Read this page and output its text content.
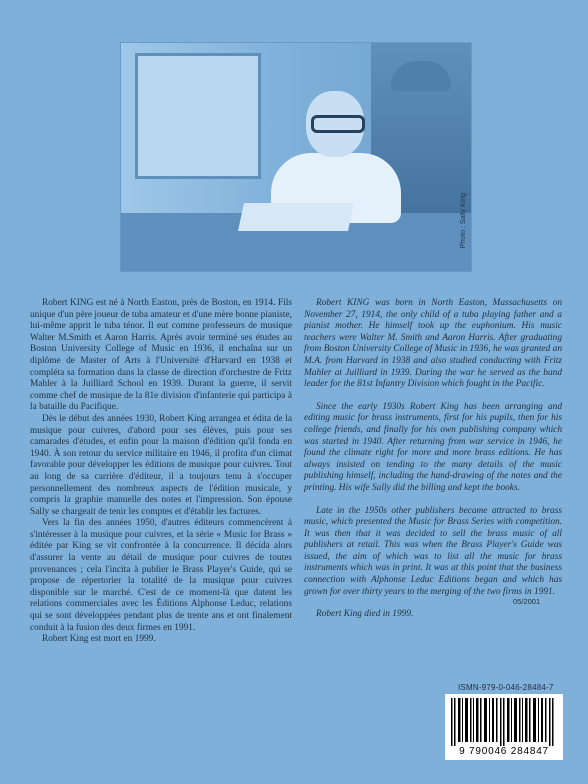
Photo : Sally King

Robert KING est né à North Easton, près de Boston, en 1914. Fils unique d'un père joueur de tuba amateur et d'une mère bonne pianiste, lui-même apprit le tuba ténor. Il eut comme professeurs de musique Walter M.Smith et Aaron Harris. Après avoir terminé ses études au Boston University College of Music en 1936, il enchaîna sur un diplôme de Master of Arts à l'Université d'Harvard en 1938 et compléta sa formation dans la classe de direction d'orchestre de Fritz Mahler à la Juilliard School en 1939. Durant la guerre, il servit comme chef de musique de la 81e division d'infanterie qui participa à la bataille du Pacifique.

Dès le début des années 1930, Robert King arrangea et édita de la musique pour cuivres, d'abord pour ses élèves, puis pour ses camarades d'études, et enfin pour la maison d'édition qu'il fonda en 1940. À son retour du service militaire en 1946, il profita d'un climat favorable pour développer les éditions de musique pour cuivres. Tout au long de sa carrière d'éditeur, il a toujours tenu à s'occuper personnellement des nombreux aspects de l'édition musicale, y compris la graphie manuelle des notes et l'impression. Son épouse Sally se chargeait de tenir les comptes et d'établir les factures.

Vers la fin des années 1950, d'autres éditeurs commencèrent à s'intéresser à la musique pour cuivres, et la série « Music for Brass » éditée par King se vit confrontée à la concurrence. Il décida alors d'assurer la vente au détail de musique pour cuivres de toutes provenances ; cela l'incita à publier le Brass Player's Guide, qui se propose de répertorier la totalité de la musique pour cuivres disponible sur le marché. C'est de ce moment-là que datent les relations commerciales avec les Éditions Alphonse Leduc, relations qui se sont développées pendant plus de trente ans et ont finalement conduit à la fusion des deux firmes en 1991.

Robert King est mort en 1999.

Robert KING was born in North Easton, Massachusetts on November 27, 1914, the only child of a tuba playing father and a pianist mother. He himself took up the euphonium. His music teachers were Walter M. Smith and Aaron Harris. After graduating from Boston University College of Music in 1936, he was granted an M.A. from Harvard in 1938 and also studied conducting with Fritz Mahler at Juilliard in 1939. During the war he served as the band leader for the 81st Infantry Division which fought in the Pacific.

Since the early 1930s Robert King has been arranging and editing music for brass instruments, first for his pupils, then for his college friends, and finally for his own publishing company which was started in 1940. After returning from war service in 1946, he found the climate right for more and more brass editions. He has always insisted on tending to the many details of the music publishing himself, including the hand-drawing of the notes and the printing. His wife Sally did the billing and kept the books.

Late in the 1950s other publishers became attracted to brass music, which presented the Music for Brass Series with competition. It was then that it was decided to sell the brass music of all publishers at retail. This was when the Brass Player's Guide was issued, the aim of which was to list all the music for brass instruments which was in print. It was at this point that the business connection with Alphonse Leduc Editions began and which has grown for over thirty years to the merging of the two firms in 1991.

Robert King died in 1999.

05/2001
ISMN-979-0-046-28484-7
9 790046 284847
